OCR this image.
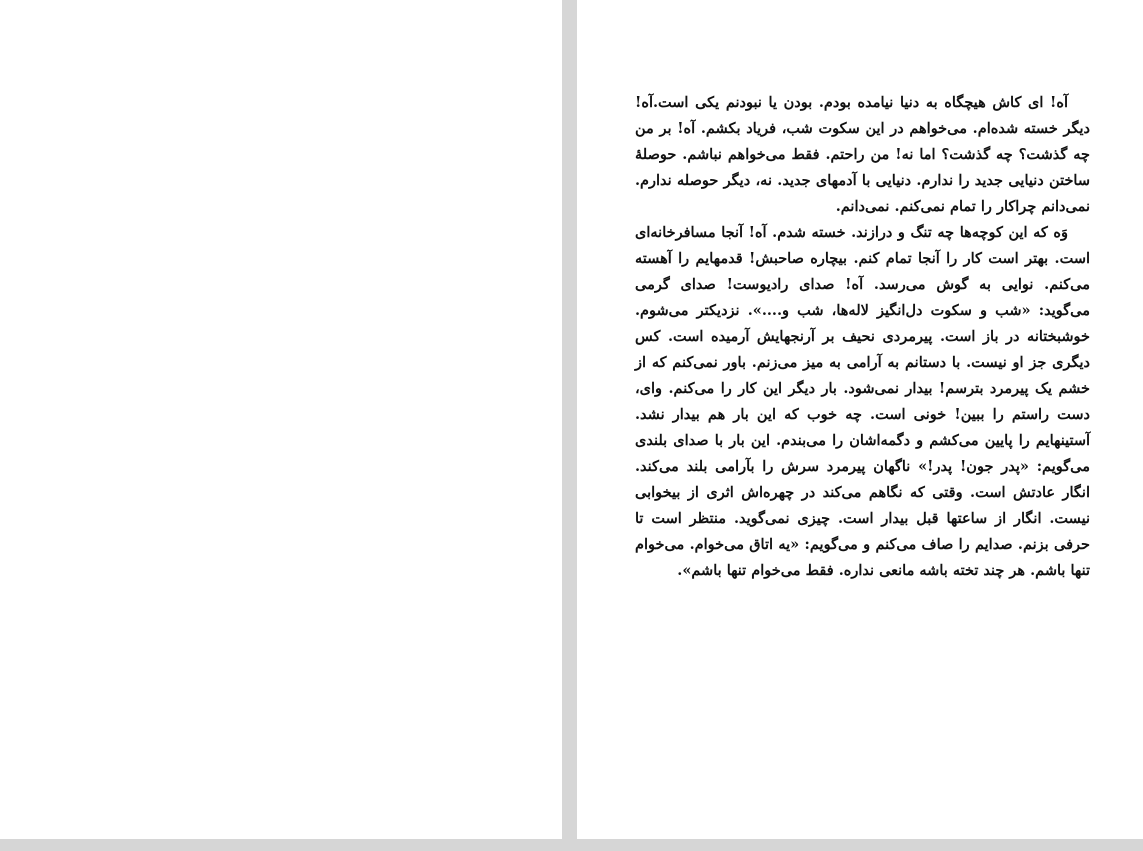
آه! ای کاش هیچگاه به دنیا نیامده بودم. بودن یا نبودنم یکی است.آه! دیگر خسته شده‌ام. می‌خواهم در این سکوت شب، فریاد بکشم. آه! بر من چه گذشت؟ چه گذشت؟ اما نه! من راحتم. فقط می‌خواهم نباشم. حوصلهٔ ساختن دنیایی جدید را ندارم. دنیایی با آدمهای جدید. نه، دیگر حوصله ندارم. نمی‌دانم چراکار را تمام نمی‌کنم. نمی‌دانم.

وَه که این کوچه‌ها چه تنگ و درازند. خسته شدم. آه! آنجا مسافرخانه‌ای است. بهتر است کار را آنجا تمام کنم. بیچاره صاحبش! قدمهایم را آهسته می‌کنم. نوایی به گوش می‌رسد. آه! صدای رادیوست! صدای گرمی می‌گوید: «شب و سکوت دل‌انگیز لاله‌ها، شب و....». نزدیکتر می‌شوم. خوشبختانه در باز است. پیرمردی نحیف بر آرنجهایش آرمیده است. کس دیگری جز او نیست. با دستانم به آرامی به میز می‌زنم. باور نمی‌کنم که از خشم یک پیرمرد بترسم! بیدار نمی‌شود. بار دیگر این کار را می‌کنم. وای، دست راستم را ببین! خونی است. چه خوب که این بار هم بیدار نشد. آستینهایم را پایین می‌کشم و دگمه‌اشان را می‌بندم. این بار با صدای بلندی می‌گویم: «پدر جون! پدر!» ناگهان پیرمرد سرش را بآرامی بلند می‌کند. انگار عادتش است. وقتی که نگاهم می‌کند در چهره‌اش اثری از بیخوابی نیست. انگار از ساعتها قبل بیدار است. چیزی نمی‌گوید. منتظر است تا حرفی بزنم. صدایم را صاف می‌کنم و می‌گویم: «یه اتاق می‌خوام. می‌خوام تنها باشم. هر چند تخته باشه مانعی نداره. فقط می‌خوام تنها باشم».
